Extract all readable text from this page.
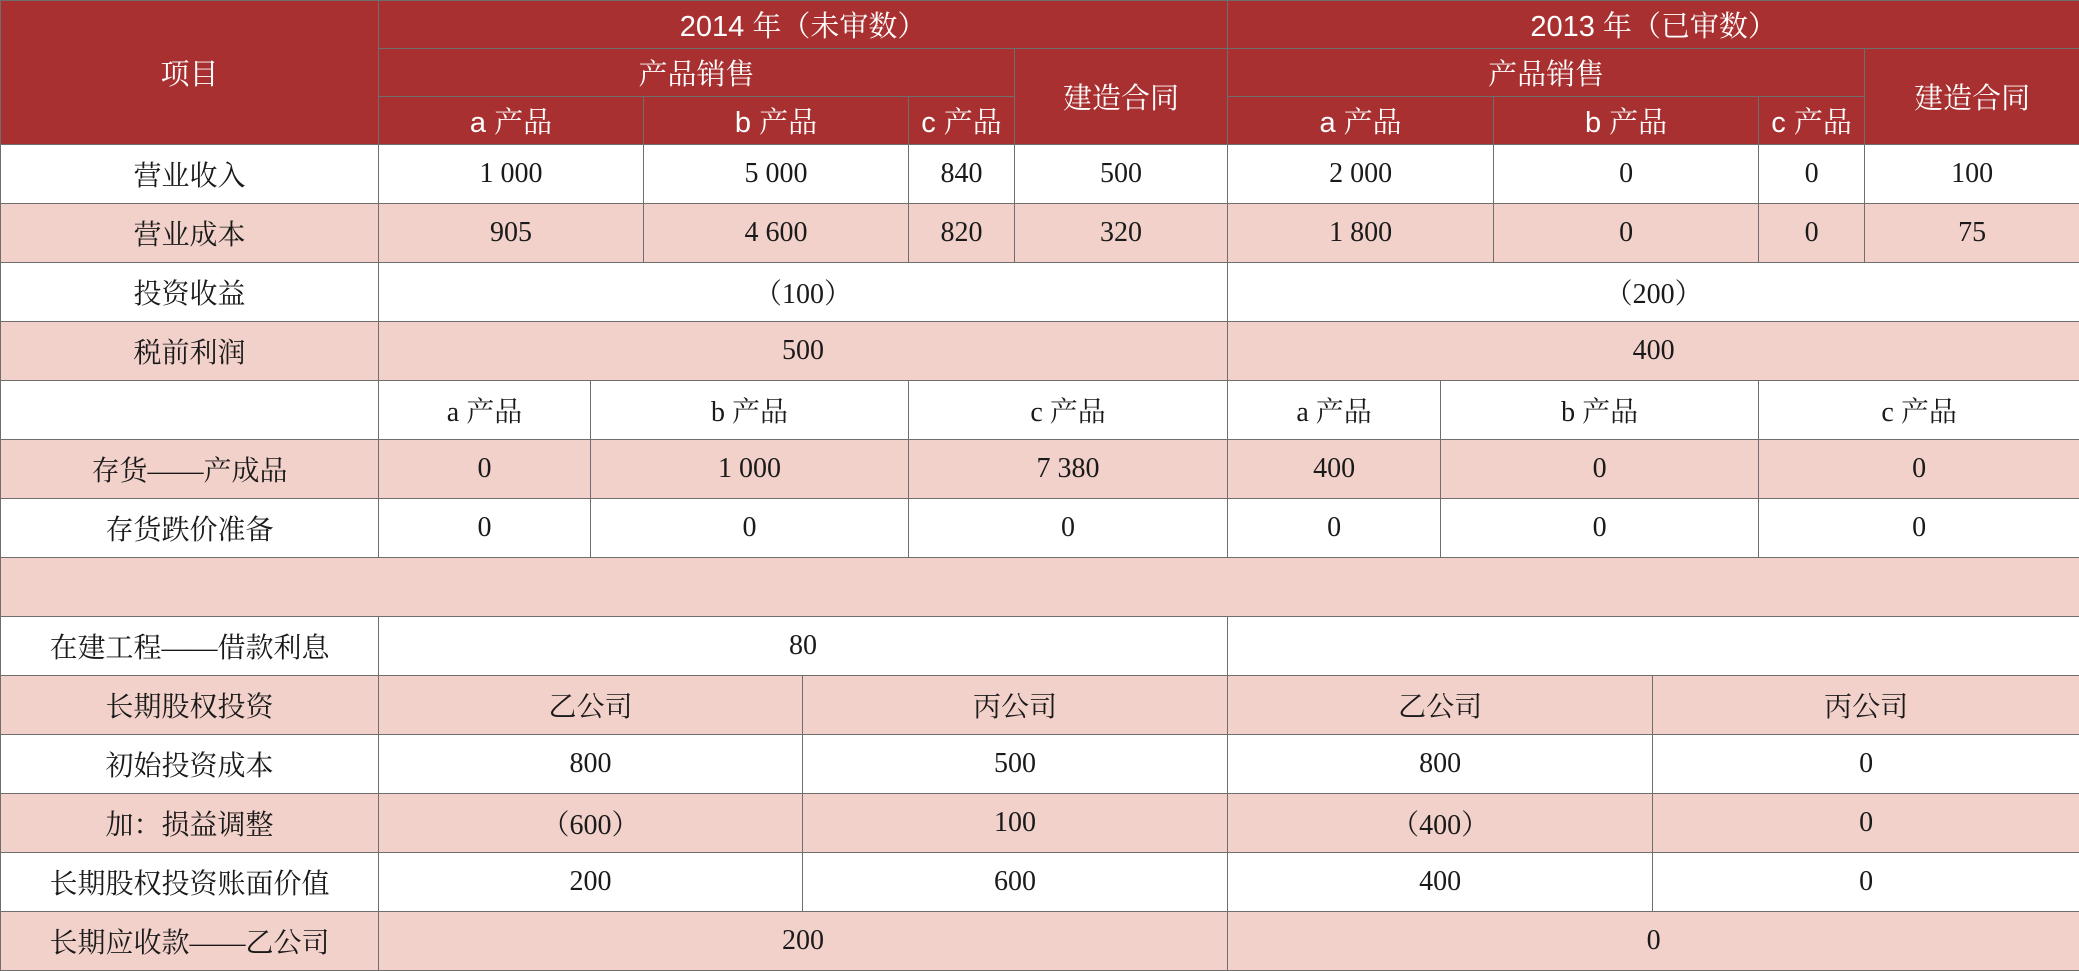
项目	2014 年（未审数）						2013 年（已审数）					
	产品销售					建造合同	产品销售					建造合同
	a 产品		b 产品		c 产品		a 产品		b 产品		c 产品	
营业收入	1 000		5 000		840	500	2 000		0		0	100
营业成本	905		4 600		820	320	1 800		0		0	75
投资收益	（100）						（200）					
税前利润	500						400					
	a 产品	b 产品			c 产品		a 产品	b 产品			c 产品	
存货——产成品	0	1 000			7 380		400	0			0	
存货跌价准备	0	0			0		0	0			0	

在建工程——借款利息	80											
长期股权投资	乙公司			丙公司			乙公司			丙公司		
初始投资成本	800			500			800			0		
加：损益调整	（600）			100			（400）			0		
长期股权投资账面价值	200			600			400			0		
长期应收款——乙公司	200						0					
